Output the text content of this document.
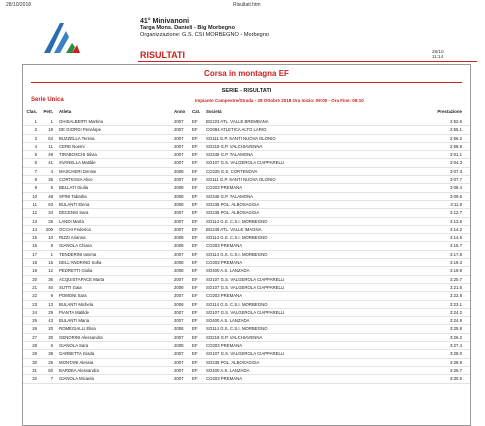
28/10/2018	Risultati.htm
41° Minivanoni
Targa Mons. Danieli - Big Morbegno
Organizzazione: G.S. CSI MORBEGNO - Morbegno
RISULTATI	28/10
11:14
Corsa in montagna EF
SERIE - RISULTATI
Serie Unica	Impianto Campestre/Strada - 28 Ottobre 2018 Ora Inizio: 09:00 - Ora Fine: 09:10
Clas.	Pett. Atleta	Anno Cat. Società	Prestazione
1	1 GHISALBERTI Martina	2007 EF BG223 ATL. VALLE BREMBANA	2:52.6
2	19 DE GIORGI Penelope	2007 EF CO084 ATLETICA ALTO LARIO	2:55.1
3	54 BUZZELLA Teresa	2007 EF SO111 G.P. SANTI NUOVA OLONIO	2:56.2
4	11 CERE Noemi	2007 EF SO219 G.P. VALCHIAVENNA	2:58.6
5	49 TIRABOSCHI Silvia	2007 EF SO346 G.P. TALAMONA	3:01.1
6	41 SVANELLA Matilde	2007 EF SO107 G.S. VALGEROLA CIAPPARELLI	3:04.3
7	4 MASCHERI Denise	2008 EF CO225 G.S. CORTENOVA	3:07.3
8	35 CORTESSA Alice	2007 EF SO111 G.P. SANTI NUOVA OLONIO	3:07.7
9	5 BELLATI Giulia	2008 EF CO203 PREMANA	3:08.4
10	48 SPINI Tabatha	2008 EF SO346 G.P. TALAMONA	3:09.6
11	63 BULANTI Elena	2008 EF SO235 POL. ALBOSAGGIA	3:11.8
12	34 DECENSI Sara	2007 EF SO235 POL. ALBOSAGGIA	3:12.7
13	25 LANDI Marta	2007 EF SO114 G.S. C.S.I. MORBEGNO	3:13.6
14	200 OCCHI Federica	2007 EF BG249 ATL. VALLE IMAGNA	3:14.2
15	10 RIZZI Arianna	2008 EF SO114 G.S. C.S.I. MORBEGNO	3:14.6
16	8 GIANOLA Chiara	2008 EF CO203 PREMANA	3:15.7
17	1 TENDERINI Ianima	2007 EF SO114 G.S. C.S.I. MORBEGNO	3:17.8
18	15 DELL'ANDRINO Sofia	2008 EF CO203 PREMANA	3:19.3
19	12 PEDRETTI Giulia	2008 EF SO400 A.S. LANZADA	3:19.9
20	36 ACQUISTAPACE Marta	2007 EF SO107 G.S. VALGEROLA CIAPPARELLI	3:20.7
21	40 SUTTI Gaia	2008 EF SO107 G.S. VALGEROLA CIAPPARELLI	3:21.5
22	9 POMONI Sara	2007 EF CO203 PREMANA	3:22.8
23	13 BULANTI Michela	2008 EF SO114 G.S. C.S.I. MORBEGNO	3:23.1
24	29 PIANTA Matilde	2007 EF SO107 G.S. VALGEROLA CIAPPARELLI	3:24.2
25	43 BULANTI Maria	2007 EF SO400 A.S. LANZADA	3:24.9
26	20 ROMEGIALLI Elisa	2008 EF SO114 G.S. C.S.I. MORBEGNO	3:25.8
27	30 GENORINI Alessandra	2007 EF SO219 G.P. VALCHIAVENNA	3:26.2
28	6 GIANOLA Sara	2008 EF CO203 PREMANA	3:27.4
29	38 GARBETTA Giada	2007 EF SO107 G.S. VALGEROLA CIAPPARELLI	3:28.0
30	25 MONTANI Alessia	2007 EF SO235 POL. ALBOSAGGIA	3:28.9
31	50 BARDEA Alessandra	2007 EF SO400 A.S. LANZADA	3:29.7
32	7 GIANOLA Micaela	2007 EF CO203 PREMANA	3:30.5
